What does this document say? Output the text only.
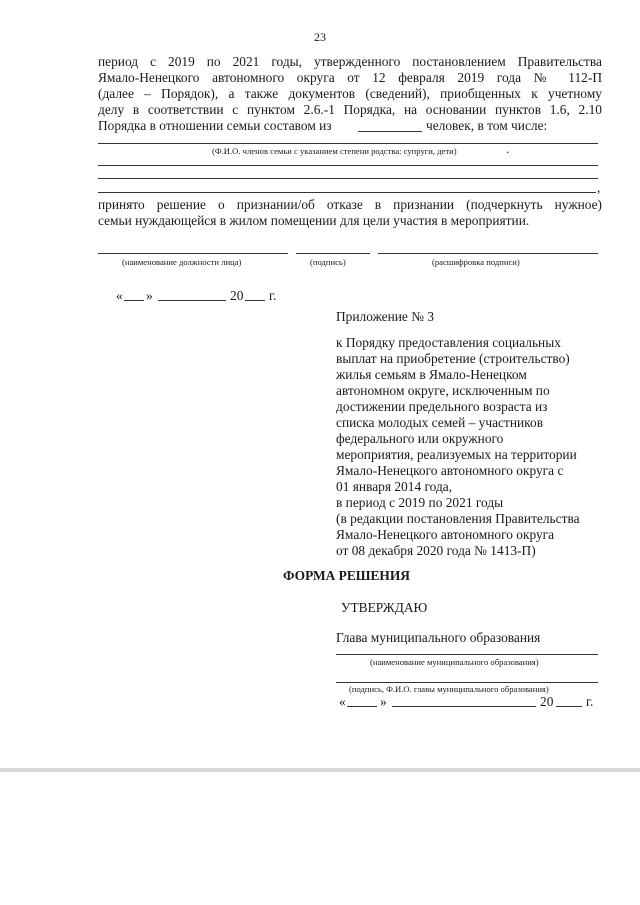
23
период с 2019 по 2021 годы, утвержденного постановлением Правительства
Ямало-Ненецкого автономного округа от 12 февраля 2019 года № 112-П
(далее – Порядок), а также документов (сведений), приобщенных к учетному
делу в соответствии с пунктом 2.6.-1 Порядка, на основании пунктов 1.6, 2.10
Порядка в отношении семьи составом из	человек, в том числе:
(Ф.И.О. членов семьи с указанием степени родства: супруги, дети)	.
,
принято решение о признании/об отказе в признании (подчеркнуть нужное)
семьи нуждающейся в жилом помещении для цели участия в мероприятии.
(наименование должности лица)	(подпись)	(расшифровка подписи)
« »	20 г.
Приложение № 3
к Порядку предоставления социальных
выплат на приобретение (строительство)
жилья семьям в Ямало-Ненецком
автономном округе, исключенным по
достижении предельного возраста из
списка молодых семей – участников
федерального или окружного
мероприятия, реализуемых на территории
Ямало-Ненецкого автономного округа с
01 января 2014 года,
в период с 2019 по 2021 годы
(в редакции постановления Правительства
Ямало-Ненецкого автономного округа
от 08 декабря 2020 года № 1413-П)
ФОРМА РЕШЕНИЯ
УТВЕРЖДАЮ
Глава муниципального образования
(наименование муниципального образования)
(подпись, Ф.И.О. главы муниципального образования)
«	»	20 г.
